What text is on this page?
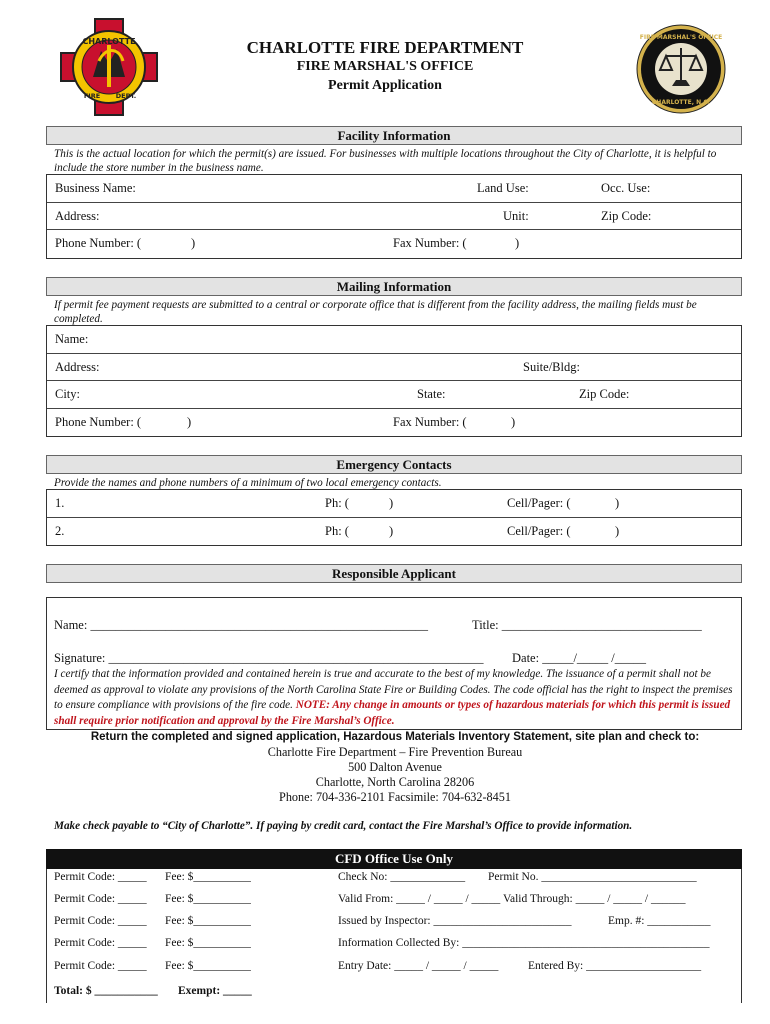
CHARLOTTE
FIRE DEPT.
FIRE MARSHAL'S OFFICE
CHARLOTTE, N.C.
CHARLOTTE FIRE DEPARTMENT
FIRE MARSHAL'S OFFICE
Permit Application
Facility Information
This is the actual location for which the permit(s) are issued. For businesses with multiple locations throughout the City of Charlotte, it is helpful to include the store number in the business name.
Business Name:	Land Use:	Occ. Use:
Address:	Unit:	Zip Code:
Phone Number: (	)	Fax Number: (	)
Mailing Information
If permit fee payment requests are submitted to a central or corporate office that is different from the facility address, the mailing fields must be completed.
Name:
Address:	Suite/Bldg:
City:	State:	Zip Code:
Phone Number: (	)	Fax Number: (	)
Emergency Contacts
Provide the names and phone numbers of a minimum of two local emergency contacts.
1.	Ph: (	)	Cell/Pager: (	)
2.	Ph: (	)	Cell/Pager: (	)
Responsible Applicant
Name: ______________________________________________________	Title: ________________________________
Signature: ____________________________________________________________ Date: _____/_____ /_____
I certify that the information provided and contained herein is true and accurate to the best of my knowledge. The issuance of a permit shall not be deemed as approval to violate any provisions of the North Carolina State Fire or Building Codes. The code official has the right to inspect the premises to ensure compliance with provisions of the fire code. NOTE: Any change in amounts or types of hazardous materials for which this permit is issued shall require prior notification and approval by the Fire Marshal’s Office.
Return the completed and signed application, Hazardous Materials Inventory Statement, site plan and check to:
Charlotte Fire Department – Fire Prevention Bureau
500 Dalton Avenue
Charlotte, North Carolina 28206
Phone: 704-336-2101 Facsimile: 704-632-8451
Make check payable to “City of Charlotte”. If paying by credit card, contact the Fire Marshal’s Office to provide information.
CFD Office Use Only
Permit Code: _____ Fee: $__________	Check No: _____________ Permit No. ___________________________
Permit Code: _____ Fee: $__________	Valid From: _____ / _____ / _____ Valid Through: _____ / _____ / ______
Permit Code: _____ Fee: $__________	Issued by Inspector: ________________________	Emp. #: ___________
Permit Code: _____ Fee: $__________	Information Collected By: ___________________________________________
Permit Code: _____ Fee: $__________	Entry Date: _____ / _____ / _____	Entered By: ____________________
Total: $ ___________ Exempt: _____
